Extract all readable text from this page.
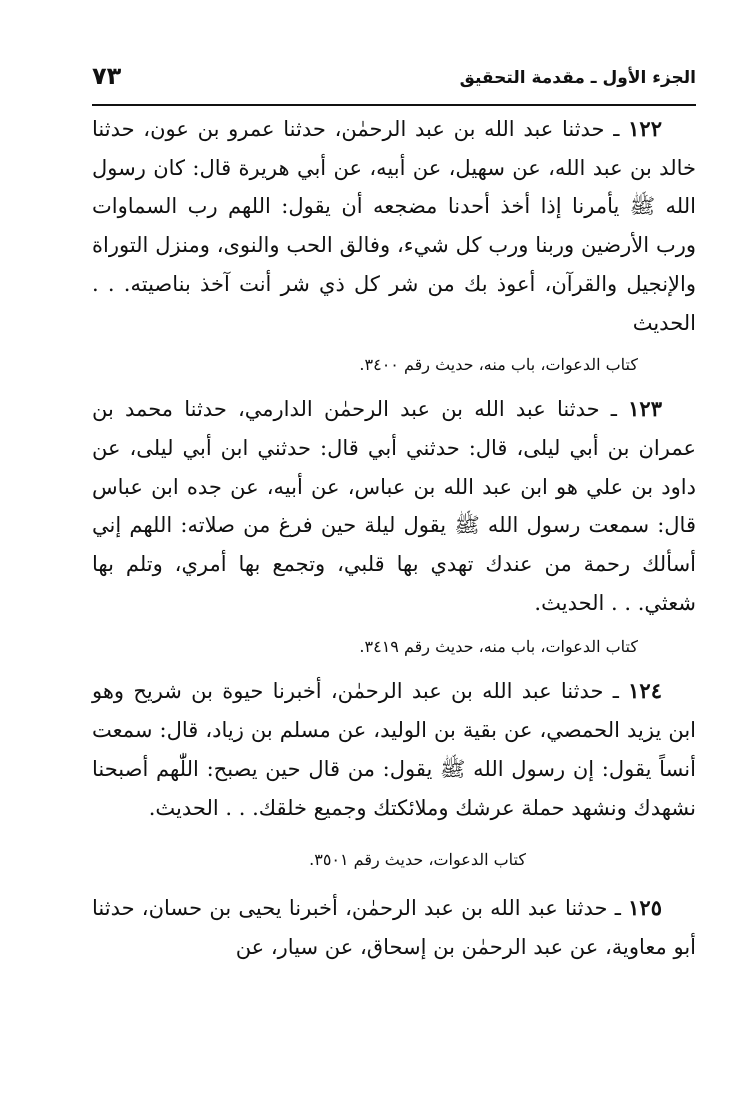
الجزء الأول ـ مقدمة التحقيق
٧٣

١٢٢ ـ حدثنا عبد الله بن عبد الرحمٰن، حدثنا عمرو بن عون، حدثنا خالد بن عبد الله، عن سهيل، عن أبيه، عن أبي هريرة قال: كان رسول الله ﷺ يأمرنا إذا أخذ أحدنا مضجعه أن يقول: اللهم رب السماوات ورب الأرضين وربنا ورب كل شيء، وفالق الحب والنوى، ومنزل التوراة والإنجيل والقرآن، أعوذ بك من شر كل ذي شر أنت آخذ بناصيته. . . الحديث

كتاب الدعوات، باب منه، حديث رقم ٣٤٠٠.

١٢٣ ـ حدثنا عبد الله بن عبد الرحمٰن الدارمي، حدثنا محمد بن عمران بن أبي ليلى، قال: حدثني أبي قال: حدثني ابن أبي ليلى، عن داود بن علي هو ابن عبد الله بن عباس، عن أبيه، عن جده ابن عباس قال: سمعت رسول الله ﷺ يقول ليلة حين فرغ من صلاته: اللهم إني أسألك رحمة من عندك تهدي بها قلبي، وتجمع بها أمري، وتلم بها شعثي. . . الحديث.

كتاب الدعوات، باب منه، حديث رقم ٣٤١٩.

١٢٤ ـ حدثنا عبد الله بن عبد الرحمٰن، أخبرنا حيوة بن شريح وهو ابن يزيد الحمصي، عن بقية بن الوليد، عن مسلم بن زياد، قال: سمعت أنساً يقول: إن رسول الله ﷺ يقول: من قال حين يصبح: اللّٰهم أصبحنا نشهدك ونشهد حملة عرشك وملائكتك وجميع خلقك. . . الحديث.

كتاب الدعوات، حديث رقم ٣٥٠١.

١٢٥ ـ حدثنا عبد الله بن عبد الرحمٰن، أخبرنا يحيى بن حسان، حدثنا أبو معاوية، عن عبد الرحمٰن بن إسحاق، عن سيار، عن
